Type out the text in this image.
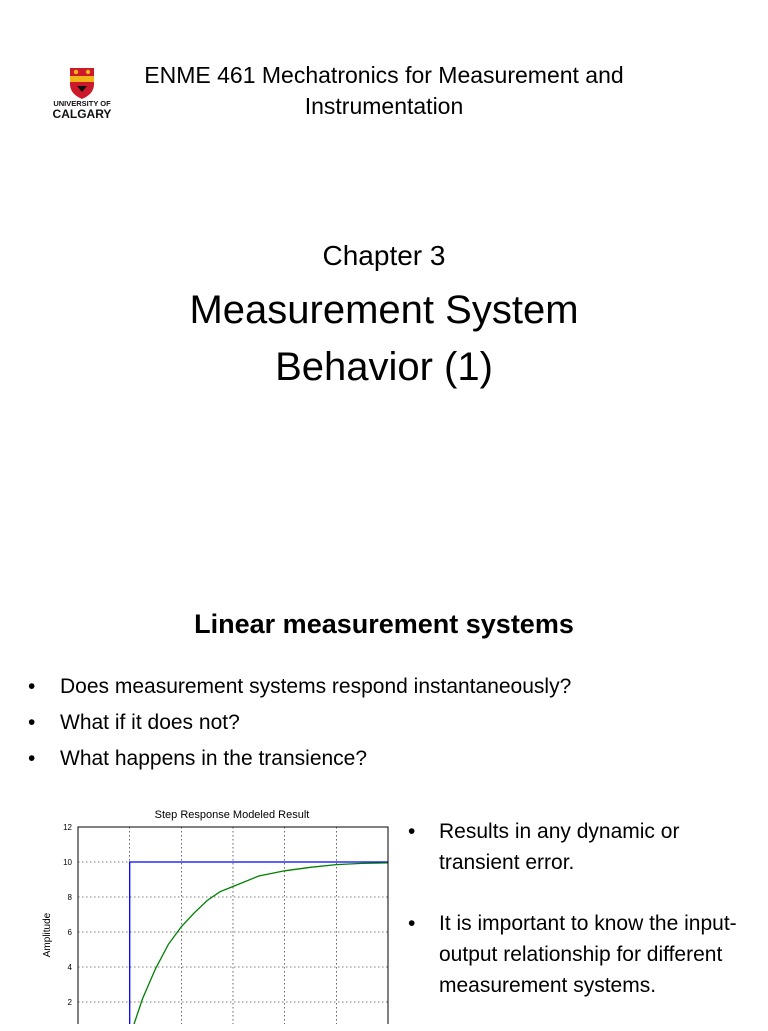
UNIVERSITY OF
CALGARY
ENME 461 Mechatronics for Measurement and Instrumentation
Chapter 3
Measurement System
Behavior (1)
Linear measurement systems
• Does measurement systems respond instantaneously?
• What if it does not?
• What happens in the transience?
Step Response Modeled Result
Amplitude
2
4
6
8
10
12	•	Results in any dynamic or transient error.
•	It is important to know the input-output relationship for different measurement systems.
